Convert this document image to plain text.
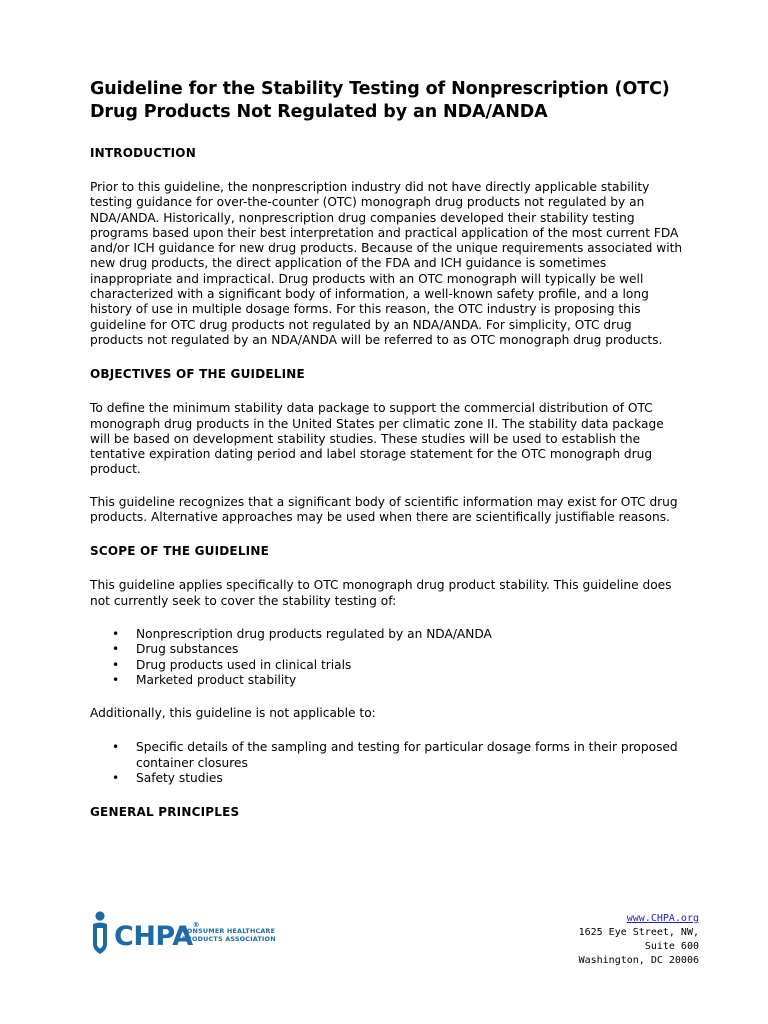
Guideline for the Stability Testing of Nonprescription (OTC)
Drug Products Not Regulated by an NDA/ANDA
INTRODUCTION

Prior to this guideline, the nonprescription industry did not have directly applicable stability testing guidance for over-the-counter (OTC) monograph drug products not regulated by an NDA/ANDA. Historically, nonprescription drug companies developed their stability testing programs based upon their best interpretation and practical application of the most current FDA and/or ICH guidance for new drug products. Because of the unique requirements associated with new drug products, the direct application of the FDA and ICH guidance is sometimes inappropriate and impractical. Drug products with an OTC monograph will typically be well characterized with a significant body of information, a well-known safety profile, and a long history of use in multiple dosage forms. For this reason, the OTC industry is proposing this guideline for OTC drug products not regulated by an NDA/ANDA. For simplicity, OTC drug products not regulated by an NDA/ANDA will be referred to as OTC monograph drug products.

OBJECTIVES OF THE GUIDELINE

To define the minimum stability data package to support the commercial distribution of OTC monograph drug products in the United States per climatic zone II. The stability data package will be based on development stability studies. These studies will be used to establish the tentative expiration dating period and label storage statement for the OTC monograph drug product.

This guideline recognizes that a significant body of scientific information may exist for OTC drug products. Alternative approaches may be used when there are scientifically justifiable reasons.

SCOPE OF THE GUIDELINE

This guideline applies specifically to OTC monograph drug product stability. This guideline does not currently seek to cover the stability testing of:

• Nonprescription drug products regulated by an NDA/ANDA
• Drug substances
• Drug products used in clinical trials
• Marketed product stability

Additionally, this guideline is not applicable to:

• Specific details of the sampling and testing for particular dosage forms in their proposed container closures
• Safety studies
GENERAL PRINCIPLES
CHPA®
CONSUMER HEALTHCARE
PRODUCTS ASSOCIATION
www.CHPA.org
1625 Eye Street, NW,
Suite 600
Washington, DC 20006
